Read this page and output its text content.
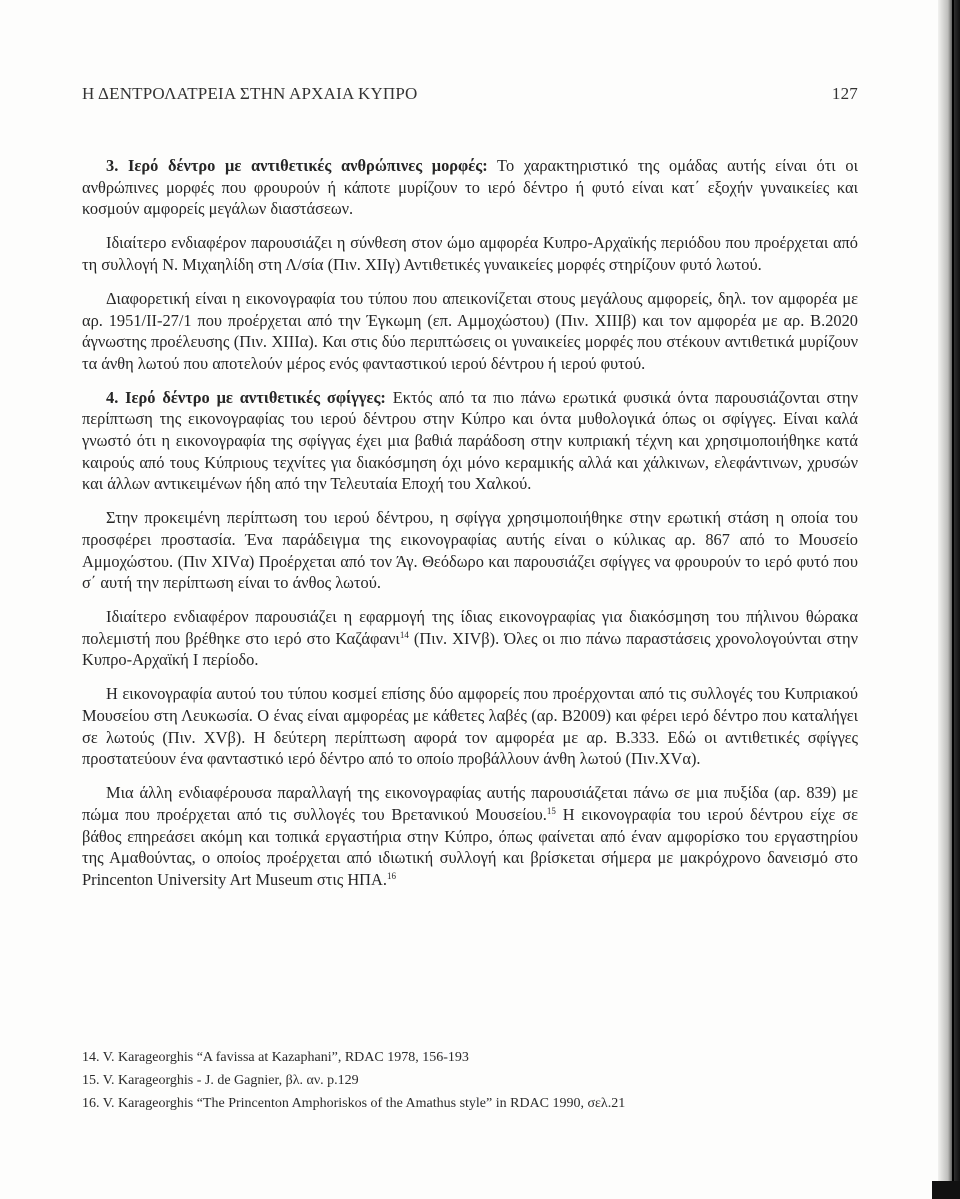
Η ΔΕΝΤΡΟΛΑΤΡΕΙΑ ΣΤΗΝ ΑΡΧΑΙΑ ΚΥΠΡΟ	127

3. Ιερό δέντρο με αντιθετικές ανθρώπινες μορφές: Το χαρακτηριστικό της ομάδας αυτής είναι ότι οι ανθρώπινες μορφές που φρουρούν ή κάποτε μυρίζουν το ιερό δέντρο ή φυτό είναι κατ΄ εξοχήν γυναικείες και κοσμούν αμφορείς μεγάλων διαστάσεων.

Ιδιαίτερο ενδιαφέρον παρουσιάζει η σύνθεση στον ώμο αμφορέα Κυπρο-Αρχαϊκής περιόδου που προέρχεται από τη συλλογή Ν. Μιχαηλίδη στη Λ/σία (Πιν. ΧΙΙγ) Αντιθετικές γυναικείες μορφές στηρίζουν φυτό λωτού.

Διαφορετική είναι η εικονογραφία του τύπου που απεικονίζεται στους μεγάλους αμφορείς, δηλ. τον αμφορέα με αρ. 1951/ΙΙ-27/1 που προέρχεται από την Έγκωμη (επ. Αμμοχώστου) (Πιν. ΧΙΙΙβ) και τον αμφορέα με αρ. Β.2020 άγνωστης προέλευσης (Πιν. ΧΙΙΙα). Και στις δύο περιπτώσεις οι γυναικείες μορφές που στέκουν αντιθετικά μυρίζουν τα άνθη λωτού που αποτελούν μέρος ενός φανταστικού ιερού δέντρου ή ιερού φυτού.

4. Ιερό δέντρο με αντιθετικές σφίγγες: Εκτός από τα πιο πάνω ερωτικά φυσικά όντα παρουσιάζονται στην περίπτωση της εικονογραφίας του ιερού δέντρου στην Κύπρο και όντα μυθολογικά όπως οι σφίγγες. Είναι καλά γνωστό ότι η εικονογραφία της σφίγγας έχει μια βαθιά παράδοση στην κυπριακή τέχνη και χρησιμοποιήθηκε κατά καιρούς από τους Κύπριους τεχνίτες για διακόσμηση όχι μόνο κεραμικής αλλά και χάλκινων, ελεφάντινων, χρυσών και άλλων αντικειμένων ήδη από την Τελευταία Εποχή του Χαλκού.

Στην προκειμένη περίπτωση του ιερού δέντρου, η σφίγγα χρησιμοποιήθηκε στην ερωτική στάση η οποία του προσφέρει προστασία. Ένα παράδειγμα της εικονογραφίας αυτής είναι ο κύλικας αρ. 867 από το Μουσείο Αμμοχώστου. (Πιν ΧΙVα) Προέρχεται από τον Άγ. Θεόδωρο και παρουσιάζει σφίγγες να φρουρούν το ιερό φυτό που σ΄ αυτή την περίπτωση είναι το άνθος λωτού.

Ιδιαίτερο ενδιαφέρον παρουσιάζει η εφαρμογή της ίδιας εικονογραφίας για διακόσμηση του πήλινου θώρακα πολεμιστή που βρέθηκε στο ιερό στο Καζάφανι$^{14}$ (Πιν. ΧΙVβ). Όλες οι πιο πάνω παραστάσεις χρονολογούνται στην Κυπρο-Αρχαϊκή Ι περίοδο.

Η εικονογραφία αυτού του τύπου κοσμεί επίσης δύο αμφορείς που προέρχονται από τις συλλογές του Κυπριακού Μουσείου στη Λευκωσία. Ο ένας είναι αμφορέας με κάθετες λαβές (αρ. Β2009) και φέρει ιερό δέντρο που καταλήγει σε λωτούς (Πιν. ΧVβ). Η δεύτερη περίπτωση αφορά τον αμφορέα με αρ. Β.333. Εδώ οι αντιθετικές σφίγγες προστατεύουν ένα φανταστικό ιερό δέντρο από το οποίο προβάλλουν άνθη λωτού (Πιν.ΧVα).

Μια άλλη ενδιαφέρουσα παραλλαγή της εικονογραφίας αυτής παρουσιάζεται πάνω σε μια πυξίδα (αρ. 839) με πώμα που προέρχεται από τις συλλογές του Βρετανικού Μουσείου.$^{15}$ Η εικονογραφία του ιερού δέντρου είχε σε βάθος επηρεάσει ακόμη και τοπικά εργαστήρια στην Κύπρο, όπως φαίνεται από έναν αμφορίσκο του εργαστηρίου της Αμαθούντας, ο οποίος προέρχεται από ιδιωτική συλλογή και βρίσκεται σήμερα με μακρόχρονο δανεισμό στο Princenton University Art Museum στις ΗΠΑ.$^{16}$

14. V. Karageorghis “A favissa at Kazaphani”, RDAC 1978, 156-193
15. V. Karageorghis - J. de Gagnier, βλ. αν. p.129
16. V. Karageorghis “The Princenton Amphoriskos of the Amathus style” in RDAC 1990, σελ.21
